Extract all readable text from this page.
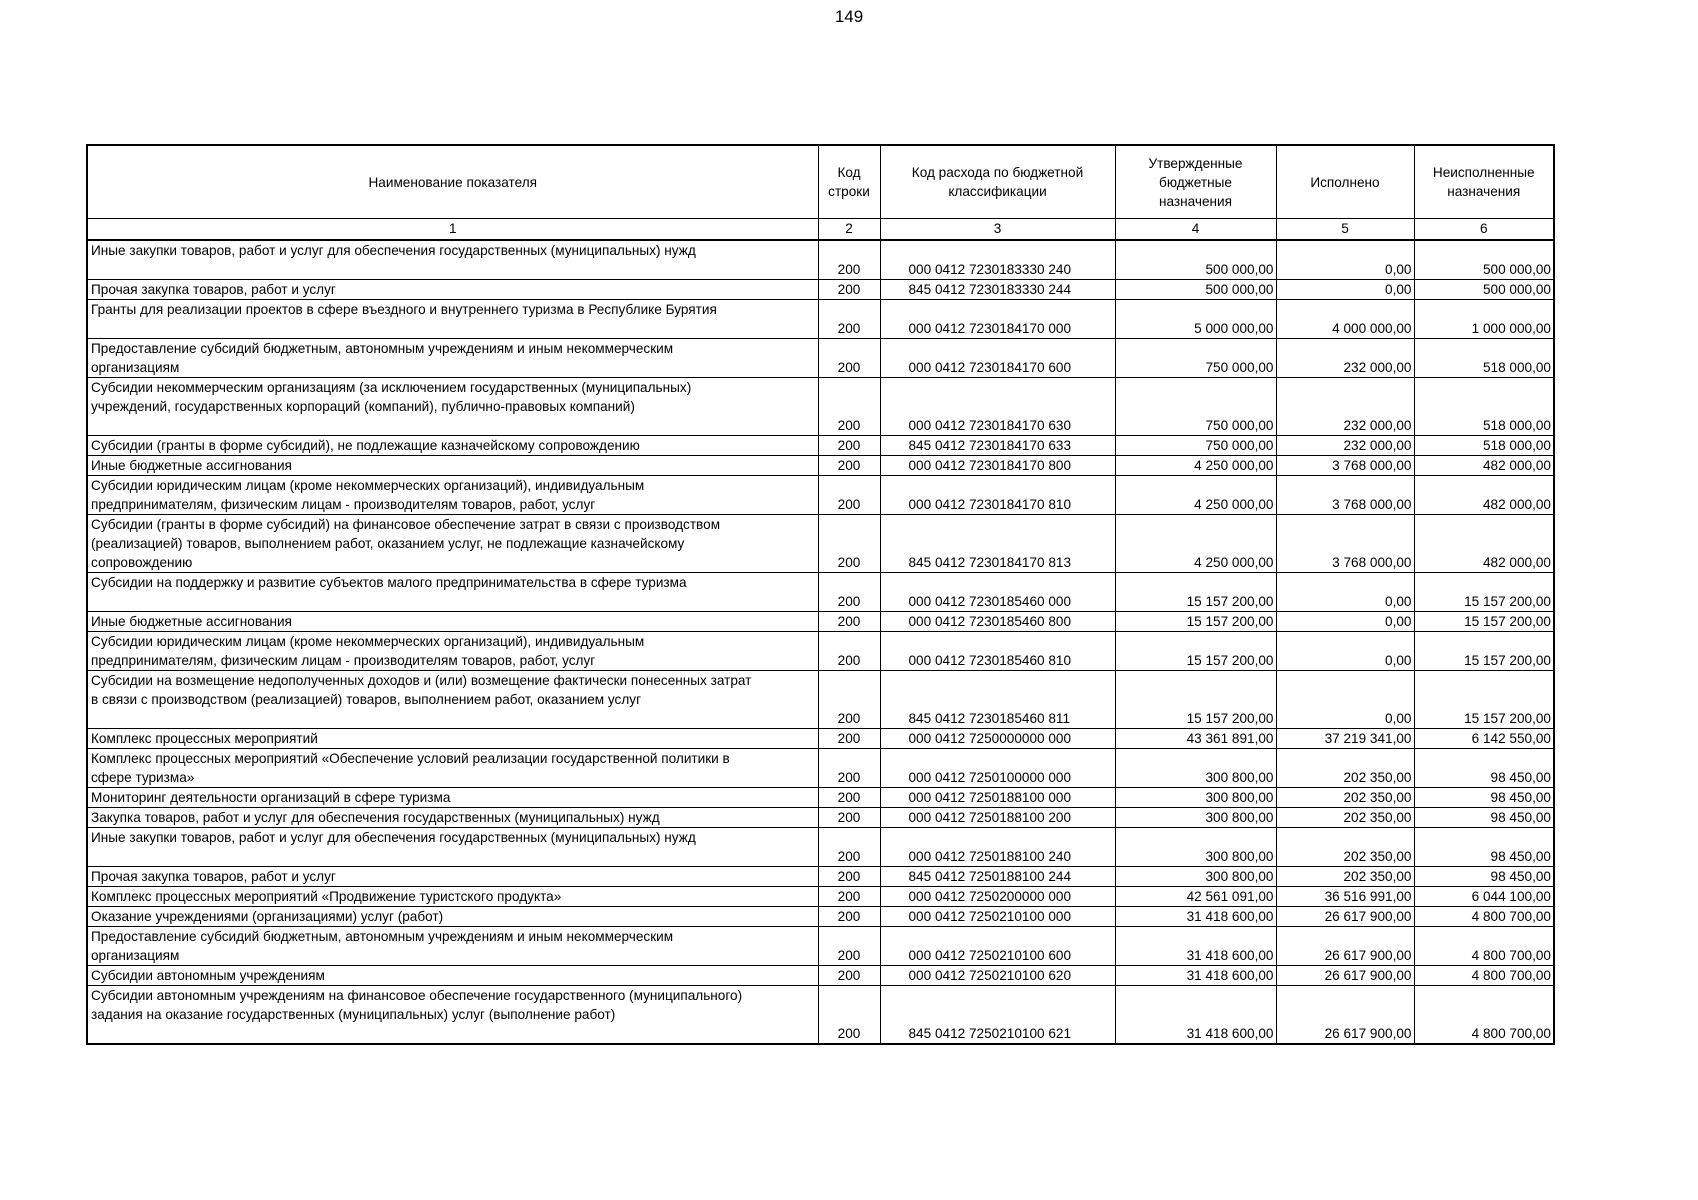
149
Наименование показателя	Код строки	Код расхода по бюджетной классификации	Утвержденные бюджетные назначения	Исполнено	Неисполненные назначения
1	2	3	4	5	6
Иные закупки товаров, работ и услуг для обеспечения государственных (муниципальных) нужд	200	000 0412 7230183330 240	500 000,00	0,00	500 000,00
Прочая закупка товаров, работ и услуг	200	845 0412 7230183330 244	500 000,00	0,00	500 000,00
Гранты для реализации проектов в сфере въездного и внутреннего туризма в Республике Бурятия	200	000 0412 7230184170 000	5 000 000,00	4 000 000,00	1 000 000,00
Предоставление субсидий бюджетным, автономным учреждениям и иным некоммерческим
организациям	200	000 0412 7230184170 600	750 000,00	232 000,00	518 000,00
Субсидии некоммерческим организациям (за исключением государственных (муниципальных)
учреждений, государственных корпораций (компаний), публично-правовых компаний)	200	000 0412 7230184170 630	750 000,00	232 000,00	518 000,00
Субсидии (гранты в форме субсидий), не подлежащие казначейскому сопровождению	200	845 0412 7230184170 633	750 000,00	232 000,00	518 000,00
Иные бюджетные ассигнования	200	000 0412 7230184170 800	4 250 000,00	3 768 000,00	482 000,00
Субсидии юридическим лицам (кроме некоммерческих организаций), индивидуальным
предпринимателям, физическим лицам - производителям товаров, работ, услуг	200	000 0412 7230184170 810	4 250 000,00	3 768 000,00	482 000,00
Субсидии (гранты в форме субсидий) на финансовое обеспечение затрат в связи с производством
(реализацией) товаров, выполнением работ, оказанием услуг, не подлежащие казначейскому
сопровождению	200	845 0412 7230184170 813	4 250 000,00	3 768 000,00	482 000,00
Субсидии на поддержку и развитие субъектов малого предпринимательства в сфере туризма	200	000 0412 7230185460 000	15 157 200,00	0,00	15 157 200,00
Иные бюджетные ассигнования	200	000 0412 7230185460 800	15 157 200,00	0,00	15 157 200,00
Субсидии юридическим лицам (кроме некоммерческих организаций), индивидуальным
предпринимателям, физическим лицам - производителям товаров, работ, услуг	200	000 0412 7230185460 810	15 157 200,00	0,00	15 157 200,00
Субсидии на возмещение недополученных доходов и (или) возмещение фактически понесенных затрат
в связи с производством (реализацией) товаров, выполнением работ, оказанием услуг	200	845 0412 7230185460 811	15 157 200,00	0,00	15 157 200,00
Комплекс процессных мероприятий	200	000 0412 7250000000 000	43 361 891,00	37 219 341,00	6 142 550,00
Комплекс процессных мероприятий «Обеспечение условий реализации государственной политики в
сфере туризма»	200	000 0412 7250100000 000	300 800,00	202 350,00	98 450,00
Мониторинг деятельности организаций в сфере туризма	200	000 0412 7250188100 000	300 800,00	202 350,00	98 450,00
Закупка товаров, работ и услуг для обеспечения государственных (муниципальных) нужд	200	000 0412 7250188100 200	300 800,00	202 350,00	98 450,00
Иные закупки товаров, работ и услуг для обеспечения государственных (муниципальных) нужд	200	000 0412 7250188100 240	300 800,00	202 350,00	98 450,00
Прочая закупка товаров, работ и услуг	200	845 0412 7250188100 244	300 800,00	202 350,00	98 450,00
Комплекс процессных мероприятий «Продвижение туристского продукта»	200	000 0412 7250200000 000	42 561 091,00	36 516 991,00	6 044 100,00
Оказание учреждениями (организациями) услуг (работ)	200	000 0412 7250210100 000	31 418 600,00	26 617 900,00	4 800 700,00
Предоставление субсидий бюджетным, автономным учреждениям и иным некоммерческим
организациям	200	000 0412 7250210100 600	31 418 600,00	26 617 900,00	4 800 700,00
Субсидии автономным учреждениям	200	000 0412 7250210100 620	31 418 600,00	26 617 900,00	4 800 700,00
Субсидии автономным учреждениям на финансовое обеспечение государственного (муниципального)
задания на оказание государственных (муниципальных) услуг (выполнение работ)	200	845 0412 7250210100 621	31 418 600,00	26 617 900,00	4 800 700,00
